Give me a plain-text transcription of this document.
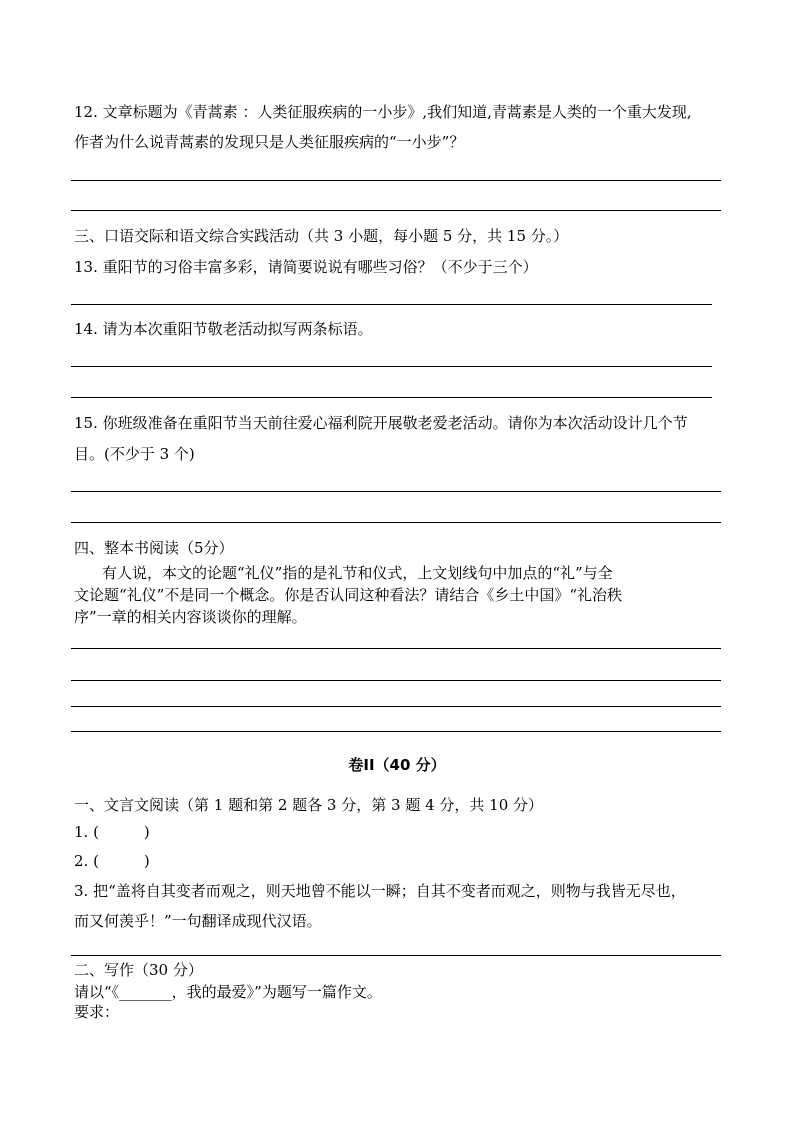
12. 文章标题为《青蒿素 ：人类征服疾病的一小步》,我们知道,青蒿素是人类的一个重大发现,
作者为什么说青蒿素的发现只是人类征服疾病的“一小步”？
三、口语交际和语文综合实践活动（共 3 小题，每小题 5 分，共 15 分。）
13. 重阳节的习俗丰富多彩，请简要说说有哪些习俗？（不少于三个）
14. 请为本次重阳节敬老活动拟写两条标语。
15. 你班级准备在重阳节当天前往爱心福利院开展敬老爱老活动。请你为本次活动设计几个节
目。(不少于 3 个)
四、整本书阅读（5分）
有人说，本文的论题“礼仪”指的是礼节和仪式，上文划线句中加点的“礼”与全
文论题“礼仪”不是同一个概念。你是否认同这种看法？请结合《乡土中国》“礼治秩
序”一章的相关内容谈谈你的理解。
卷II（40 分）
一、文言文阅读（第 1 题和第 2 题各 3 分，第 3 题 4 分，共 10 分）
1. (　　　)
2. (　　　)
3. 把“盖将自其变者而观之，则天地曾不能以一瞬；自其不变者而观之，则物与我皆无尽也，
而又何羡乎！”一句翻译成现代汉语。
二、写作（30 分）
请以“《_______，我的最爱》”为题写一篇作文。
要求：
